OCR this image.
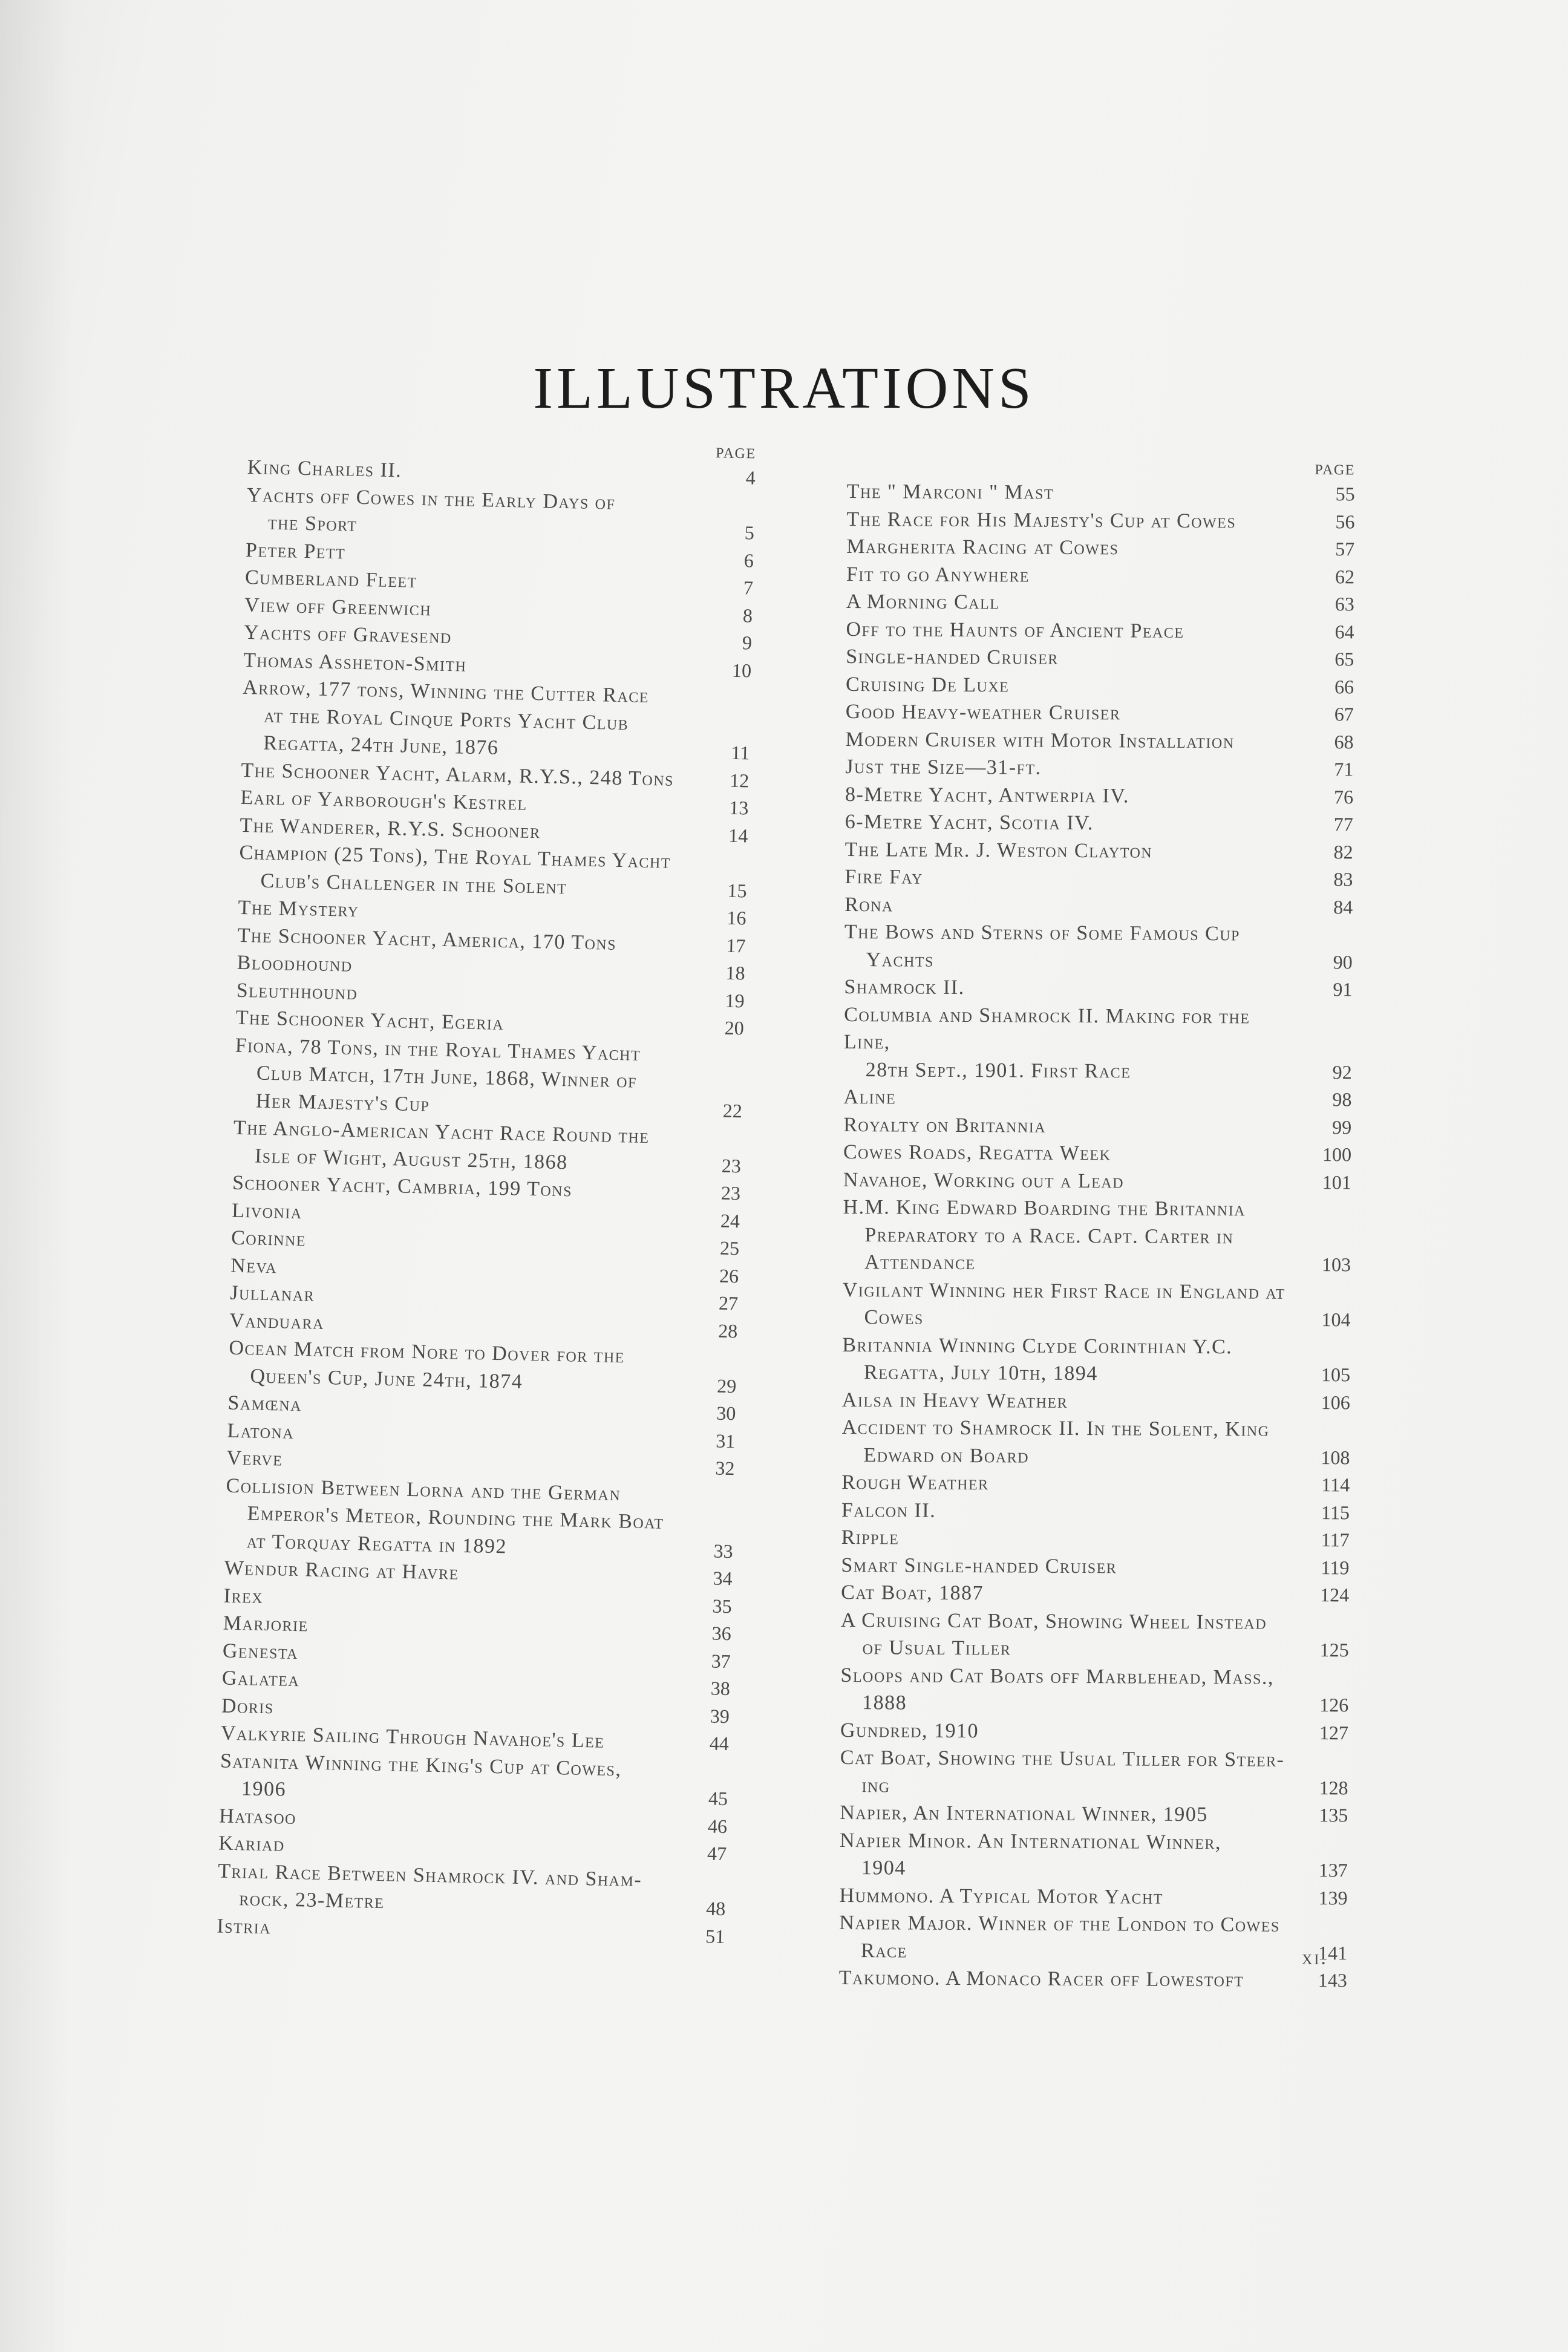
ILLUSTRATIONS
PAGE
King Charles II.	4
Yachts off Cowes in the Early Days of
the Sport	5
Peter Pett	6
Cumberland Fleet	7
View off Greenwich	8
Yachts off Gravesend	9
Thomas Assheton-Smith	10
Arrow, 177 tons, Winning the Cutter Race
at the Royal Cinque Ports Yacht Club
Regatta, 24th June, 1876	11
The Schooner Yacht, Alarm, R.Y.S., 248 Tons	12
Earl of Yarborough's Kestrel	13
The Wanderer, R.Y.S. Schooner	14
Champion (25 Tons), The Royal Thames Yacht
Club's Challenger in the Solent	15
The Mystery	16
The Schooner Yacht, America, 170 Tons	17
Bloodhound	18
Sleuthhound	19
The Schooner Yacht, Egeria	20
Fiona, 78 Tons, in the Royal Thames Yacht
Club Match, 17th June, 1868, Winner of
Her Majesty's Cup	22
The Anglo-American Yacht Race Round the
Isle of Wight, August 25th, 1868	23
Schooner Yacht, Cambria, 199 Tons	23
Livonia	24
Corinne	25
Neva	26
Jullanar	27
Vanduara	28
Ocean Match from Nore to Dover for the
Queen's Cup, June 24th, 1874	29
Samœna	30
Latona	31
Verve	32
Collision Between Lorna and the German
Emperor's Meteor, Rounding the Mark Boat
at Torquay Regatta in 1892	33
Wendur Racing at Havre	34
Irex	35
Marjorie	36
Genesta	37
Galatea	38
Doris	39
Valkyrie Sailing Through Navahoe's Lee	44
Satanita Winning the King's Cup at Cowes,
1906	45
Hatasoo	46
Kariad	47
Trial Race Between Shamrock IV. and Sham-
rock, 23-Metre	48
Istria	51
PAGE
The " Marconi " Mast	55
The Race for His Majesty's Cup at Cowes	56
Margherita Racing at Cowes	57
Fit to go Anywhere	62
A Morning Call	63
Off to the Haunts of Ancient Peace	64
Single-handed Cruiser	65
Cruising De Luxe	66
Good Heavy-weather Cruiser	67
Modern Cruiser with Motor Installation	68
Just the Size—31-ft.	71
8-Metre Yacht, Antwerpia IV.	76
6-Metre Yacht, Scotia IV.	77
The Late Mr. J. Weston Clayton	82
Fire Fay	83
Rona	84
The Bows and Sterns of Some Famous Cup
Yachts	90
Shamrock II.	91
Columbia and Shamrock II. Making for the Line,
28th Sept., 1901. First Race	92
Aline	98
Royalty on Britannia	99
Cowes Roads, Regatta Week	100
Navahoe, Working out a Lead	101
H.M. King Edward Boarding the Britannia
Preparatory to a Race. Capt. Carter in
Attendance	103
Vigilant Winning her First Race in England at
Cowes	104
Britannia Winning Clyde Corinthian Y.C.
Regatta, July 10th, 1894	105
Ailsa in Heavy Weather	106
Accident to Shamrock II. In the Solent, King
Edward on Board	108
Rough Weather	114
Falcon II.	115
Ripple	117
Smart Single-handed Cruiser	119
Cat Boat, 1887	124
A Cruising Cat Boat, Showing Wheel Instead
of Usual Tiller	125
Sloops and Cat Boats off Marblehead, Mass.,
1888	126
Gundred, 1910	127
Cat Boat, Showing the Usual Tiller for Steer-
ing	128
Napier, An International Winner, 1905	135
Napier Minor. An International Winner,
1904	137
Hummono. A Typical Motor Yacht	139
Napier Major. Winner of the London to Cowes
Race	141
Takumono. A Monaco Racer off Lowestoft	143
xi.
